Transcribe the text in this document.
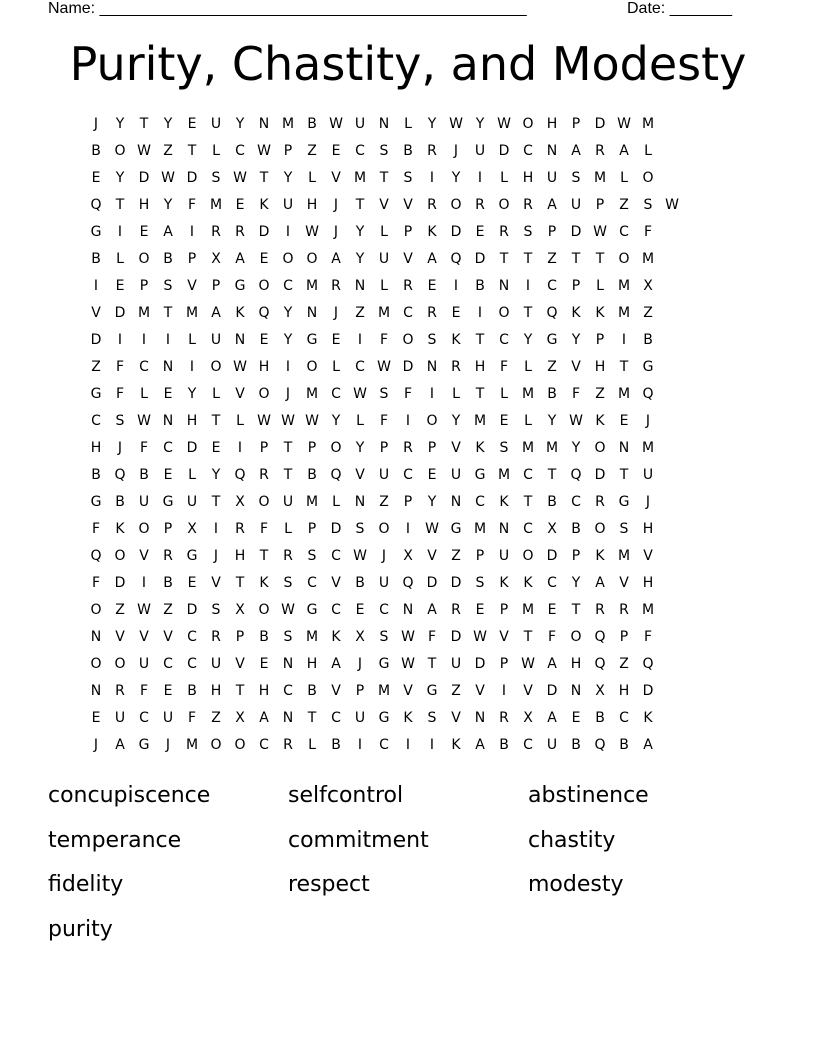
Name: ________________________________________________	Date: _______
Purity, Chastity, and Modesty
J	Y	T	Y	E	U	Y	N M B W U N	L	Y W Y W O H	P	D W M
B O W Z	T	L	C W P	Z	E	C	S	B	R	J	U D C N A	R	A	L
E	Y	D W D	S W T	Y	L	V M T	S	I	Y	I	L	H U	S M	L	O
Q	T	H	Y	F M E	K	U H	J	T	V	V	R O R O R	A	U	P	Z	S W
G	I	E	A	I	R	R D	I	W	J	Y	L	P	K	D	E	R	S	P	D W C	F
B	L	O B	P	X	A	E	O O A	Y	U	V	A Q D	T	T	Z	T	T	O M
I	E	P	S	V	P	G O C M R N	L	R	E	I	B N	I	C	P	L	M X
V D M T M A	K Q	Y	N	J	Z M C	R	E	I	O	T	Q K	K M Z
D	I	I	I	L	U N	E	Y	G	E	I	F	O	S	K	T	C	Y	G	Y	P	I	B
Z	F	C N	I	O W H	I	O	L	C W D N R H	F	L	Z	V H	T	G
G	F	L	E	Y	L	V O	J	M C W S	F	I	L	T	L	M B	F	Z M Q
C	S W N H	T	L W W W Y	L	F	I	O	Y M E	L	Y W K	E	J
H	J	F	C D	E	I	P	T	P	O	Y	P	R	P	V	K	S M M Y	O N M
B Q B	E	L	Y	Q R	T	B Q V	U C	E	U G M C	T	Q D	T	U
G B	U G U	T	X O U M	L	N Z	P	Y	N C	K	T	B	C	R G	J
F	K O	P	X	I	R	F	L	P	D	S	O	I	W G M N C	X	B O	S	H
Q O V	R G	J	H	T	R	S	C W	J	X	V	Z	P	U O D	P	K M V
F	D	I	B	E	V	T	K	S	C	V	B	U Q D D	S	K	K	C	Y	A	V H
O Z W Z D	S	X O W G C	E	C N A	R	E	P M E	T	R	R M
N V	V	V	C	R	P	B	S M K	X	S W F	D W V	T	F	O Q	P	F
O O U C	C U	V	E	N H A	J	G W T	U D	P W A H Q Z Q
N R	F	E	B H	T	H C	B	V	P M V G Z	V	I	V D N X H D
E	U C U	F	Z	X	A N	T	C U G K	S	V N R	X	A	E	B	C	K
J	A G	J	M O O C	R	L	B	I	C	I	I	K	A	B	C U	B Q B	A
concupiscence	selfcontrol	abstinence
temperance	commitment	chastity
fidelity	respect	modesty
purity
